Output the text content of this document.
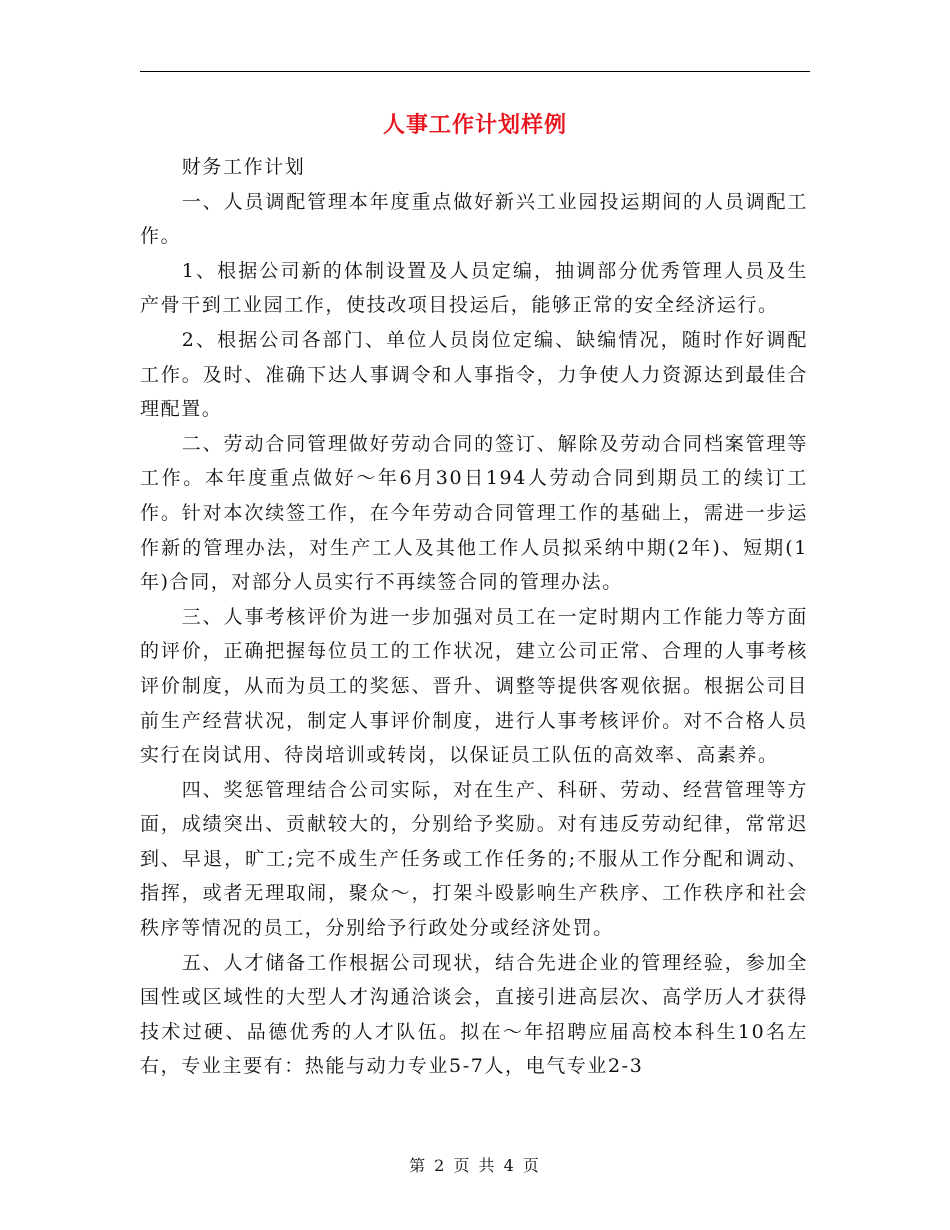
人事工作计划样例

财务工作计划

一、人员调配管理本年度重点做好新兴工业园投运期间的人员调配工作。

1、根据公司新的体制设置及人员定编，抽调部分优秀管理人员及生产骨干到工业园工作，使技改项目投运后，能够正常的安全经济运行。

2、根据公司各部门、单位人员岗位定编、缺编情况，随时作好调配工作。及时、准确下达人事调令和人事指令，力争使人力资源达到最佳合理配置。

二、劳动合同管理做好劳动合同的签订、解除及劳动合同档案管理等工作。本年度重点做好～年6月30日194人劳动合同到期员工的续订工作。针对本次续签工作，在今年劳动合同管理工作的基础上，需进一步运作新的管理办法，对生产工人及其他工作人员拟采纳中期(2年)、短期(1年)合同，对部分人员实行不再续签合同的管理办法。

三、人事考核评价为进一步加强对员工在一定时期内工作能力等方面的评价，正确把握每位员工的工作状况，建立公司正常、合理的人事考核评价制度，从而为员工的奖惩、晋升、调整等提供客观依据。根据公司目前生产经营状况，制定人事评价制度，进行人事考核评价。对不合格人员实行在岗试用、待岗培训或转岗，以保证员工队伍的高效率、高素养。

四、奖惩管理结合公司实际，对在生产、科研、劳动、经营管理等方面，成绩突出、贡献较大的，分别给予奖励。对有违反劳动纪律，常常迟到、早退，旷工;完不成生产任务或工作任务的;不服从工作分配和调动、指挥，或者无理取闹，聚众～，打架斗殴影响生产秩序、工作秩序和社会秩序等情况的员工，分别给予行政处分或经济处罚。

五、人才储备工作根据公司现状，结合先进企业的管理经验，参加全国性或区域性的大型人才沟通洽谈会，直接引进高层次、高学历人才获得技术过硬、品德优秀的人才队伍。拟在～年招聘应届高校本科生10名左右，专业主要有：热能与动力专业5-7人，电气专业2-3

第 2 页 共 4 页
